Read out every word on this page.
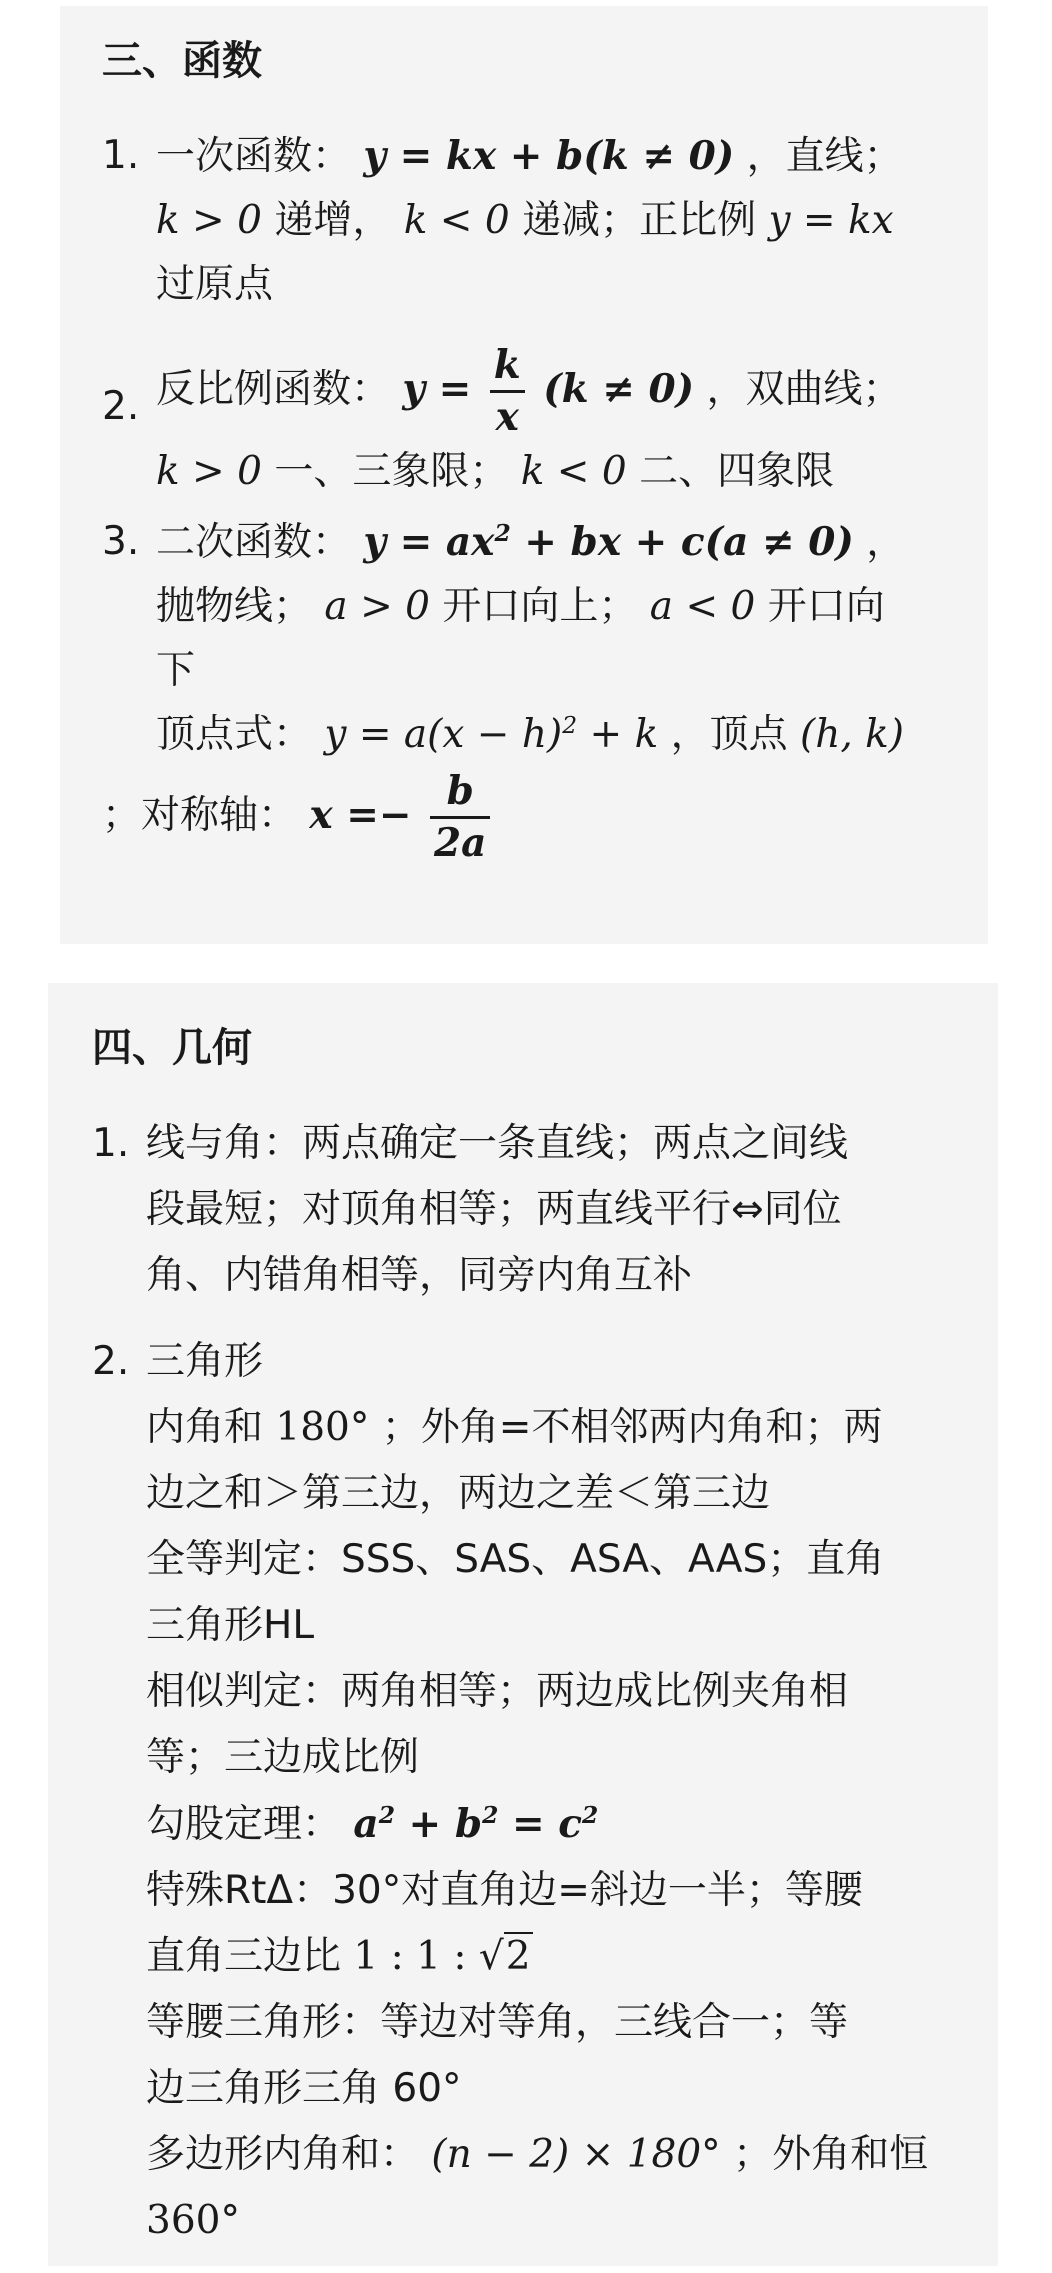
三、函数
1. 一次函数： y = kx + b(k ≠ 0) ，直线；
k > 0 递增， k < 0 递减；正比例 y = kx
过原点
2. 反比例函数： $y = \frac{k}{x} (k \ne 0)$ ，双曲线；
k > 0 一、三象限； k < 0 二、四象限
3. 二次函数： $y = ax^2$ + bx + c(a ≠ 0) ，
抛物线； a > 0 开口向上； a < 0 开口向
下
顶点式： $y = a(x - h)^2 + k$ ，顶点 (h, k)
；对称轴： $x =- \frac{b}{2a}$
四、几何
1. 线与角：两点确定一条直线；两点之间线
段最短；对顶角相等；两直线平行⇔同位
角、内错角相等，同旁内角互补
2. 三角形
内角和 180° ；外角=不相邻两内角和；两
边之和＞第三边，两边之差＜第三边
全等判定：SSS、SAS、ASA、AAS；直角
三角形HL
相似判定：两角相等；两边成比例夹角相
等；三边成比例
勾股定理： $a^2 + b^2 = c^2$
特殊RtΔ：30°对直角边=斜边一半；等腰
直角三边比 1 : 1 : √2
等腰三角形：等边对等角，三线合一；等
边三角形三角 60°
多边形内角和： (n − 2) × 180° ；外角和恒
360°
